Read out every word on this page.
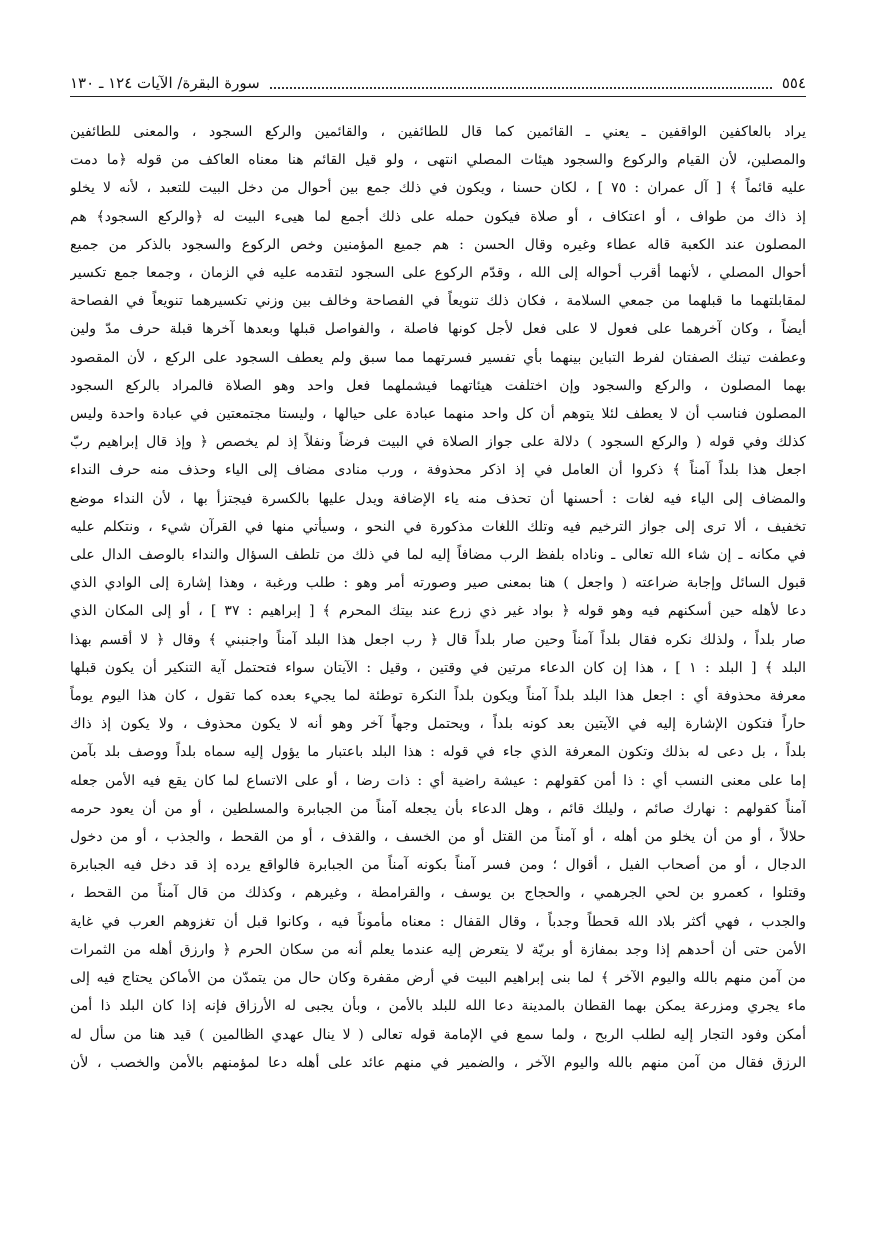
٥٥٤
سورة البقرة/ الآيات ١٢٤ ـ ١٣٠
يراد بالعاكفين الواقفين ـ يعني ـ القائمين كما قال للطائفين ، والقائمين والركع السجود ، والمعنى للطائفين
والمصلين، لأن القيام والركوع والسجود هيئات المصلي انتهى ، ولو قيل القائم هنا معناه العاكف من قوله ﴿ما دمت
عليه قائماً ﴾ [ آل عمران : ٧٥ ] ، لكان حسنا ، ويكون في ذلك جمع بين أحوال من دخل البيت للتعبد ، لأنه لا يخلو
إذ ذاك من طواف ، أو اعتكاف ، أو صلاة فيكون حمله على ذلك أجمع لما هيىء البيت له ﴿والركع السجود﴾ هم
المصلون عند الكعبة قاله عطاء وغيره وقال الحسن : هم جميع المؤمنين وخص الركوع والسجود بالذكر من جميع
أحوال المصلي ، لأنهما أقرب أحواله إلى الله ، وقدّم الركوع على السجود لتقدمه عليه في الزمان ، وجمعا جمع تكسير
لمقابلتهما ما قبلهما من جمعي السلامة ، فكان ذلك تنويعاً في الفصاحة وخالف بين وزني تكسيرهما تنويعاً في الفصاحة
أيضاً ، وكان آخرهما على فعول لا على فعل لأجل كونها فاصلة ، والفواصل قبلها وبعدها آخرها قبلة حرف مدّ ولين
وعطفت تينك الصفتان لفرط التباين بينهما بأي تفسير فسرتهما مما سبق ولم يعطف السجود على الركع ، لأن المقصود
بهما المصلون ، والركع والسجود وإن اختلفت هيئاتهما فيشملهما فعل واحد وهو الصلاة فالمراد بالركع السجود
المصلون فناسب أن لا يعطف لئلا يتوهم أن كل واحد منهما عبادة على حيالها ، وليستا مجتمعتين في عبادة واحدة وليس
كذلك وفي قوله ( والركع السجود ) دلالة على جواز الصلاة في البيت فرضاً ونفلاً إذ لم يخصص ﴿ وإذ قال إبراهيم ربّ
اجعل هذا بلداً آمناً ﴾ ذكروا أن العامل في إذ اذكر محذوفة ، ورب منادى مضاف إلى الياء وحذف منه حرف النداء
والمضاف إلى الياء فيه لغات : أحسنها أن تحذف منه ياء الإضافة ويدل عليها بالكسرة فيجتزأ بها ، لأن النداء موضع
تخفيف ، ألا ترى إلى جواز الترخيم فيه وتلك اللغات مذكورة في النحو ، وسيأتي منها في القرآن شيء ، ونتكلم عليه
في مكانه ـ إن شاء الله تعالى ـ وناداه بلفظ الرب مضافاً إليه لما في ذلك من تلطف السؤال والنداء بالوصف الدال على
قبول السائل وإجابة ضراعته ( واجعل ) هنا بمعنى صير وصورته أمر وهو : طلب ورغبة ، وهذا إشارة إلى الوادي الذي
دعا لأهله حين أسكنهم فيه وهو قوله ﴿ بواد غير ذي زرع عند بيتك المحرم ﴾ [ إبراهيم : ٣٧ ] ، أو إلى المكان الذي
صار بلداً ، ولذلك نكره فقال بلداً آمناً وحين صار بلداً قال ﴿ رب اجعل هذا البلد آمناً واجنبني ﴾ وقال ﴿ لا أقسم بهذا
البلد ﴾ [ البلد : ١ ] ، هذا إن كان الدعاء مرتين في وقتين ، وقيل : الآيتان سواء فتحتمل آية التنكير أن يكون قبلها
معرفة محذوفة أي : اجعل هذا البلد بلداً آمناً ويكون بلداً النكرة توطئة لما يجيء بعده كما تقول ، كان هذا اليوم يوماً
حاراً فتكون الإشارة إليه في الآيتين بعد كونه بلداً ، ويحتمل وجهاً آخر وهو أنه لا يكون محذوف ، ولا يكون إذ ذاك
بلداً ، بل دعى له بذلك وتكون المعرفة الذي جاء في قوله : هذا البلد باعتبار ما يؤول إليه سماه بلداً ووصف بلد بآمن
إما على معنى النسب أي : ذا أمن كقولهم : عيشة راضية أي : ذات رضا ، أو على الاتساع لما كان يقع فيه الأمن جعله
آمناً كقولهم : نهارك صائم ، وليلك قائم ، وهل الدعاء بأن يجعله آمناً من الجبابرة والمسلطين ، أو من أن يعود حرمه
حلالاً ، أو من أن يخلو من أهله ، أو آمناً من القتل أو من الخسف ، والقذف ، أو من القحط ، والجذب ، أو من دخول
الدجال ، أو من أصحاب الفيل ، أقوال ؛ ومن فسر آمناً بكونه آمناً من الجبابرة فالواقع يرده إذ قد دخل فيه الجبابرة
وقتلوا ، كعمرو بن لحي الجرهمي ، والحجاج بن يوسف ، والقرامطة ، وغيرهم ، وكذلك من قال آمناً من القحط ،
والجدب ، فهي أكثر بلاد الله قحطاً وجدباً ، وقال القفال : معناه مأموناً فيه ، وكانوا قبل أن تغزوهم العرب في غاية
الأمن حتى أن أحدهم إذا وجد بمفازة أو بريّة لا يتعرض إليه عندما يعلم أنه من سكان الحرم ﴿ وارزق أهله من الثمرات
من آمن منهم بالله واليوم الآخر ﴾ لما بنى إبراهيم البيت في أرض مقفرة وكان حال من يتمدّن من الأماكن يحتاج فيه إلى
ماء يجري ومزرعة يمكن بهما القطان بالمدينة دعا الله للبلد بالأمن ، وبأن يجبى له الأرزاق فإنه إذا كان البلد ذا أمن
أمكن وفود التجار إليه لطلب الربح ، ولما سمع في الإمامة قوله تعالى ( لا ينال عهدي الظالمين ) قيد هنا من سأل له
الرزق فقال من آمن منهم بالله واليوم الآخر ، والضمير في منهم عائد على أهله دعا لمؤمنهم بالأمن والخصب ، لأن
